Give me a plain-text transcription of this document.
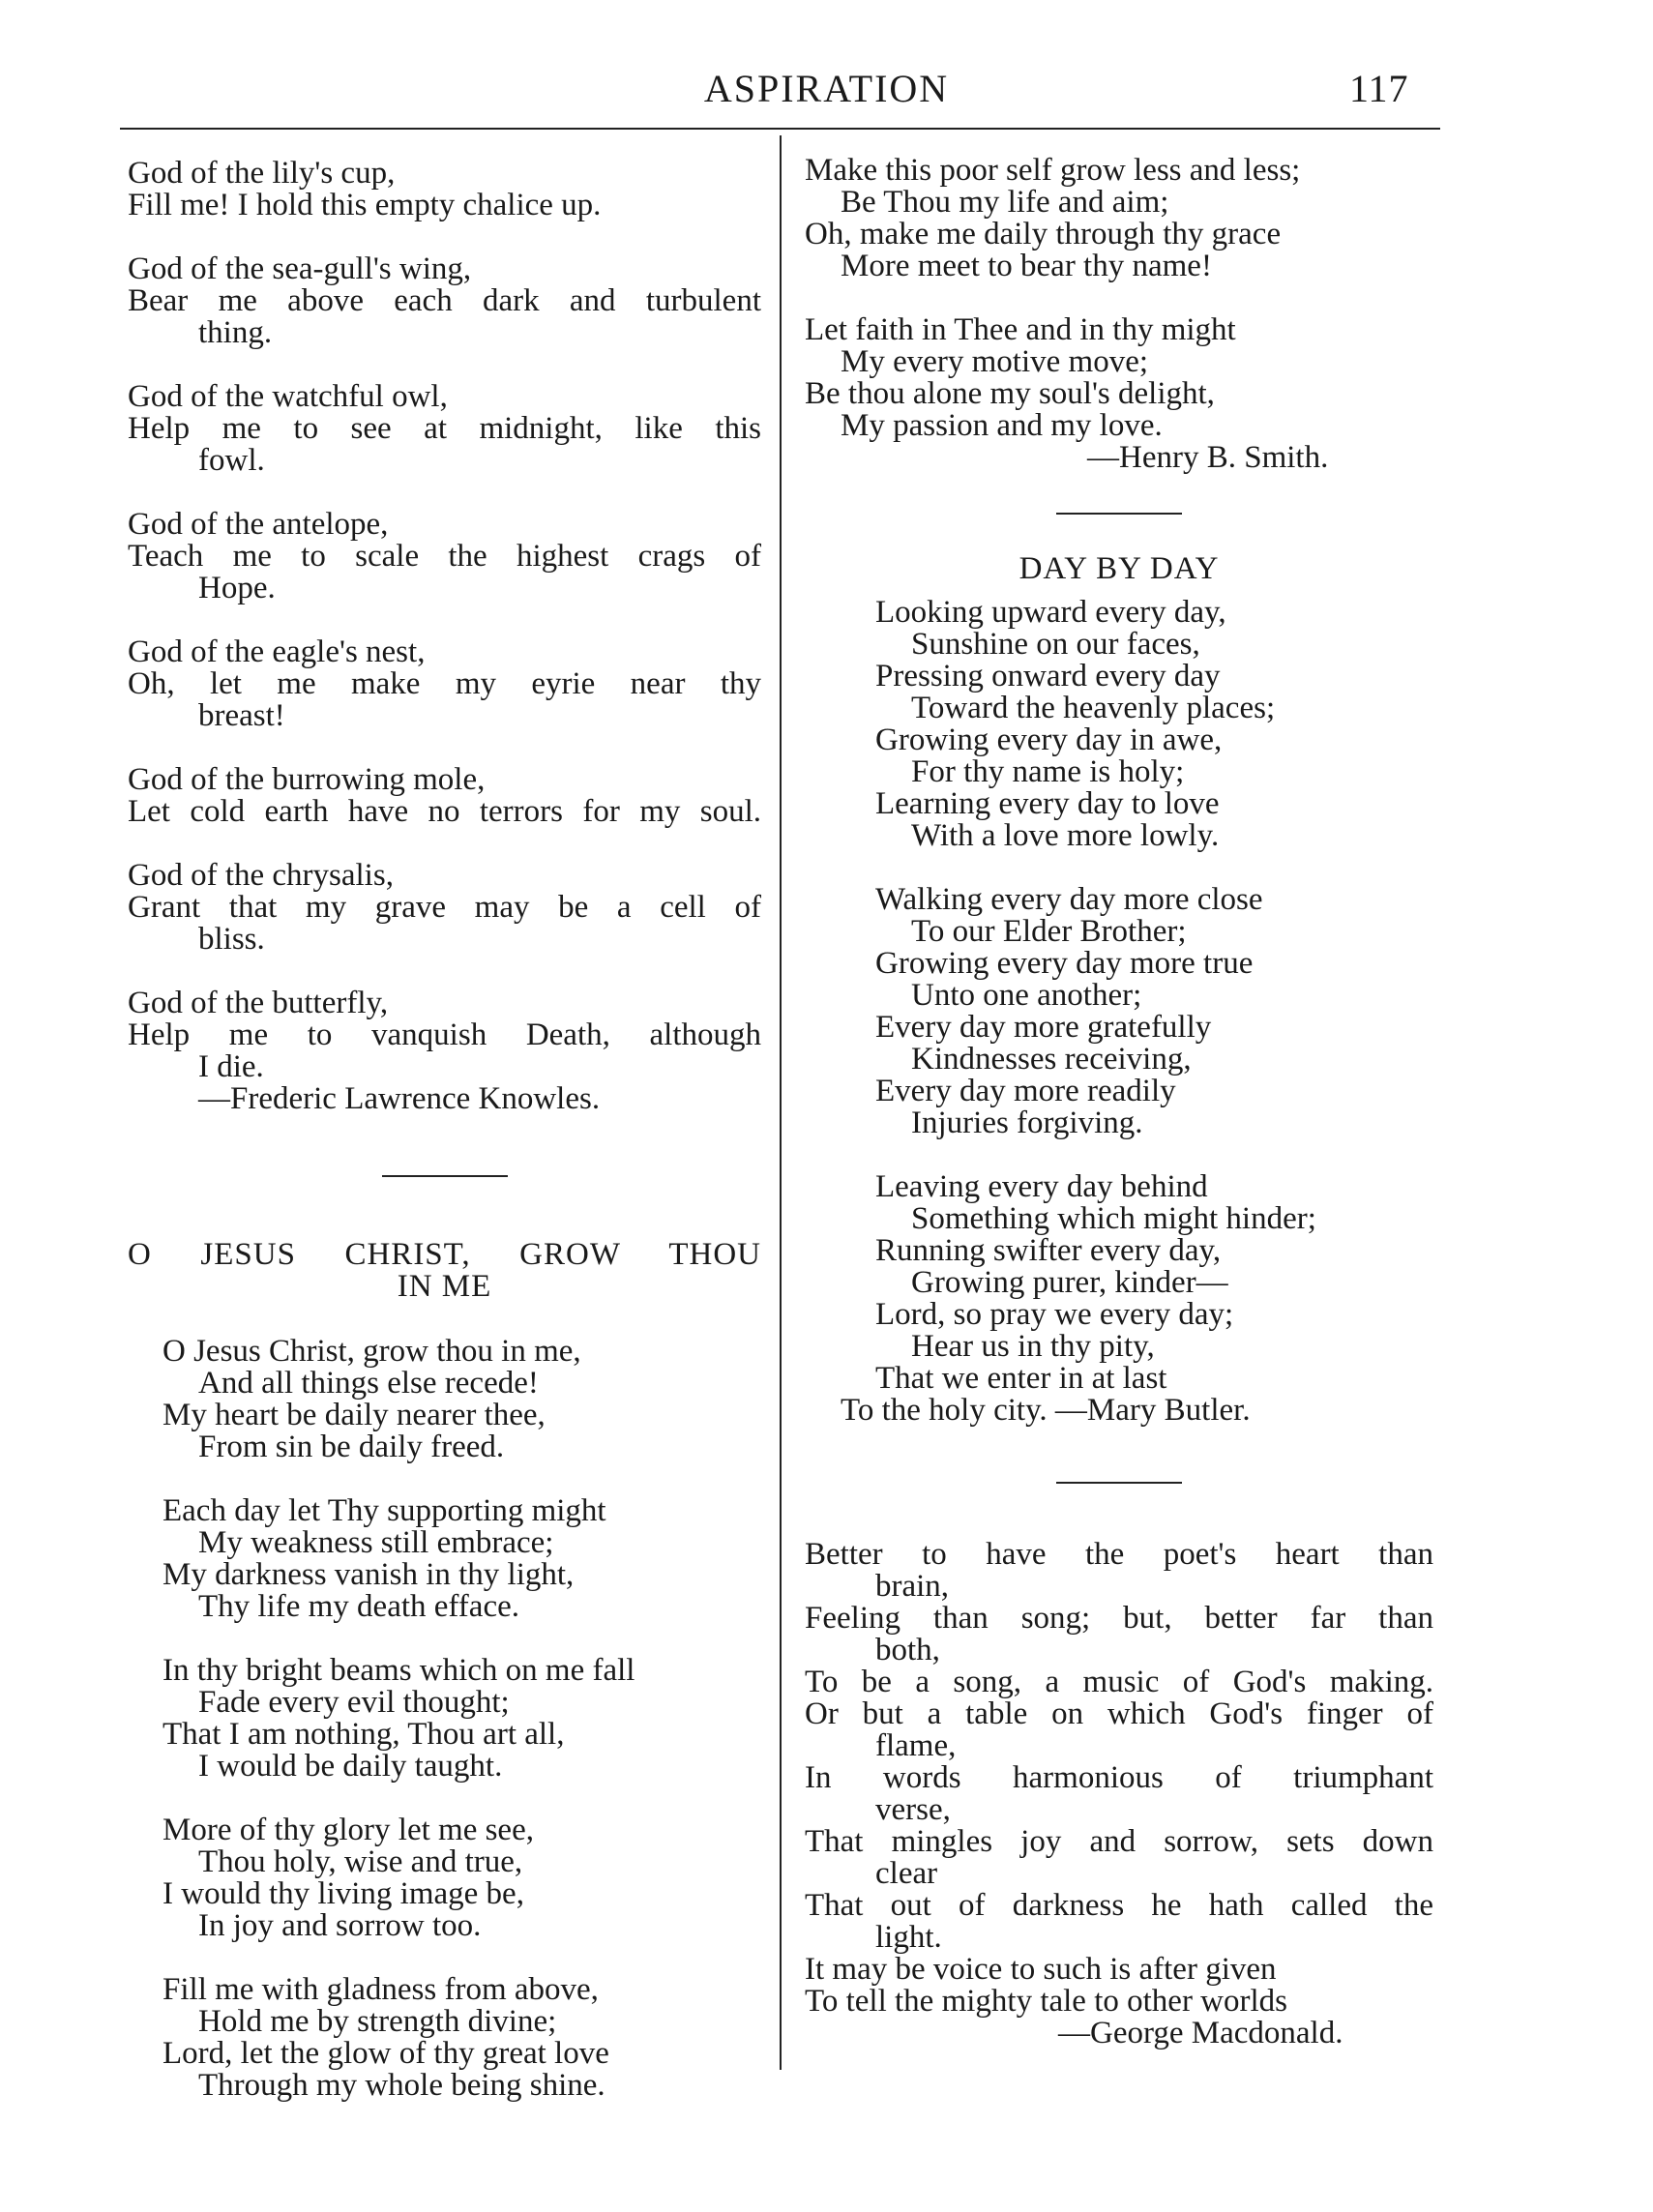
ASPIRATION	117
God of the lily's cup,
Fill me! I hold this empty chalice up.
God of the sea-gull's wing,
Bear me above each dark and turbulent
thing.
God of the watchful owl,
Help me to see at midnight, like this
fowl.
God of the antelope,
Teach me to scale the highest crags of
Hope.
God of the eagle's nest,
Oh, let me make my eyrie near thy
breast!
God of the burrowing mole,
Let cold earth have no terrors for my soul.
God of the chrysalis,
Grant that my grave may be a cell of
bliss.
God of the butterfly,
Help me to vanquish Death, although
I die.
—Frederic Lawrence Knowles.
O JESUS CHRIST, GROW THOU
IN ME
O Jesus Christ, grow thou in me,
And all things else recede!
My heart be daily nearer thee,
From sin be daily freed.
Each day let Thy supporting might
My weakness still embrace;
My darkness vanish in thy light,
Thy life my death efface.
In thy bright beams which on me fall
Fade every evil thought;
That I am nothing, Thou art all,
I would be daily taught.
More of thy glory let me see,
Thou holy, wise and true,
I would thy living image be,
In joy and sorrow too.
Fill me with gladness from above,
Hold me by strength divine;
Lord, let the glow of thy great love
Through my whole being shine.
Make this poor self grow less and less;
Be Thou my life and aim;
Oh, make me daily through thy grace
More meet to bear thy name!
Let faith in Thee and in thy might
My every motive move;
Be thou alone my soul's delight,
My passion and my love.
—Henry B. Smith.
DAY BY DAY
Looking upward every day,
Sunshine on our faces,
Pressing onward every day
Toward the heavenly places;
Growing every day in awe,
For thy name is holy;
Learning every day to love
With a love more lowly.
Walking every day more close
To our Elder Brother;
Growing every day more true
Unto one another;
Every day more gratefully
Kindnesses receiving,
Every day more readily
Injuries forgiving.
Leaving every day behind
Something which might hinder;
Running swifter every day,
Growing purer, kinder—
Lord, so pray we every day;
Hear us in thy pity,
That we enter in at last
To the holy city. —Mary Butler.
Better to have the poet's heart than
brain,
Feeling than song; but, better far than
both,
To be a song, a music of God's making.
Or but a table on which God's finger of
flame,
In words harmonious of triumphant
verse,
That mingles joy and sorrow, sets down
clear
That out of darkness he hath called the
light.
It may be voice to such is after given
To tell the mighty tale to other worlds
—George Macdonald.
